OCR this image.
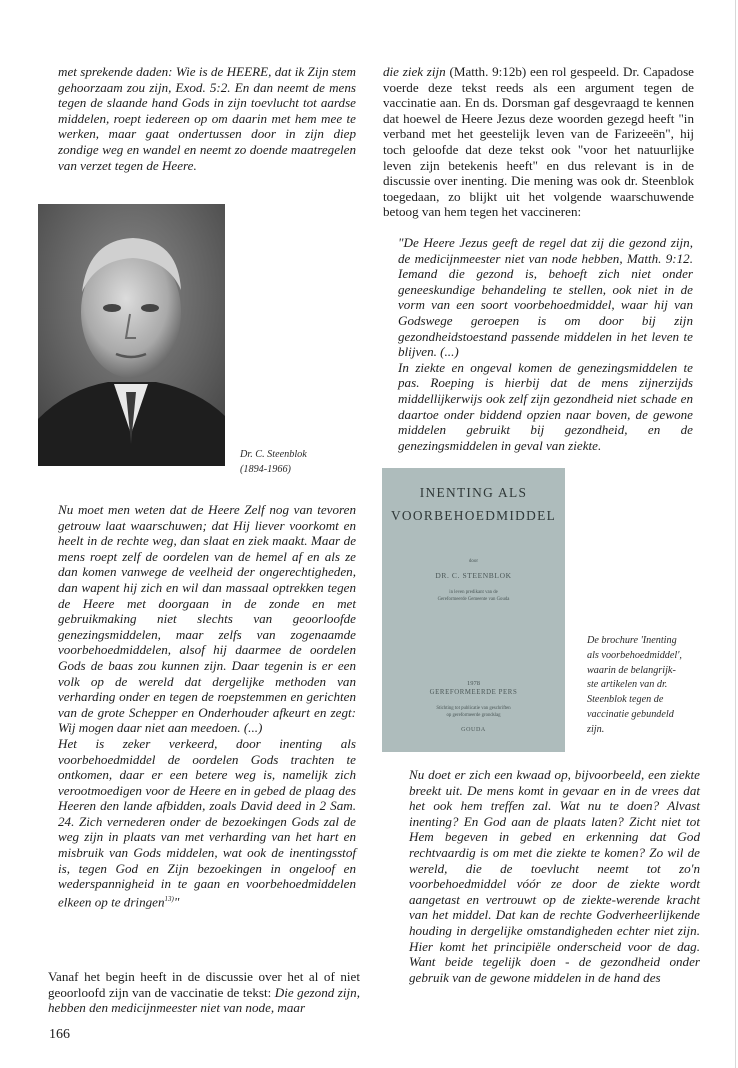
met sprekende daden: Wie is de HEERE, dat ik Zijn stem gehoorzaam zou zijn, Exod. 5:2. En dan neemt de mens tegen de slaande hand Gods in zijn toevlucht tot aardse middelen, roept iedereen op om daarin met hem mee te werken, maar gaat ondertussen door in zijn diep zondige weg en wandel en neemt zo doende maatregelen van verzet tegen de Heere.

Dr. C. Steenblok
(1894-1966)

Nu moet men weten dat de Heere Zelf nog van tevoren getrouw laat waarschuwen; dat Hij liever voorkomt en heelt in de rechte weg, dan slaat en ziek maakt. Maar de mens roept zelf de oordelen van de hemel af en als ze dan komen vanwege de veelheid der ongerechtigheden, dan wapent hij zich en wil dan massaal optrekken tegen de Heere met doorgaan in de zonde en met gebruikmaking niet slechts van geoorloofde genezingsmiddelen, maar zelfs van zogenaamde voorbehoedmiddelen, alsof hij daarmee de oordelen Gods de baas zou kunnen zijn. Daar tegenin is er een volk op de wereld dat dergelijke methoden van verharding onder en tegen de roepstemmen en gerichten van de grote Schepper en Onderhouder afkeurt en zegt: Wij mogen daar niet aan meedoen. (...)

Het is zeker verkeerd, door inenting als voorbehoedmiddel de oordelen Gods trachten te ontkomen, daar er een betere weg is, namelijk zich verootmoedigen voor de Heere en in gebed de plaag des Heeren den lande afbidden, zoals David deed in 2 Sam. 24. Zich vernederen onder de bezoekingen Gods zal de weg zijn in plaats van met verharding van het hart en misbruik van Gods middelen, wat ook de inentingsstof is, tegen God en Zijn bezoekingen in ongeloof en wederspannigheid in te gaan en voorbehoedmiddelen elkeen op te dringen$^{13)}$"

Vanaf het begin heeft in de discussie over het al of niet geoorloofd zijn van de vaccinatie de tekst: Die gezond zijn, hebben den medicijnmeester niet van node, maar

die ziek zijn (Matth. 9:12b) een rol gespeeld. Dr. Capadose voerde deze tekst reeds als een argument tegen de vaccinatie aan. En ds. Dorsman gaf desgevraagd te kennen dat hoewel de Heere Jezus deze woorden gezegd heeft "in verband met het geestelijk leven van de Farizeeën", hij toch geloofde dat deze tekst ook "voor het natuurlijke leven zijn betekenis heeft" en dus relevant is in de discussie over inenting. Die mening was ook dr. Steenblok toegedaan, zo blijkt uit het volgende waarschuwende betoog van hem tegen het vaccineren:

"De Heere Jezus geeft de regel dat zij die gezond zijn, de medicijnmeester niet van node hebben, Matth. 9:12. Iemand die gezond is, behoeft zich niet onder geneeskundige behandeling te stellen, ook niet in de vorm van een soort voorbehoedmiddel, waar hij van Godswege geroepen is om door bij zijn gezondheidstoestand passende middelen in het leven te blijven. (...)

In ziekte en ongeval komen de genezingsmiddelen te pas. Roeping is hierbij dat de mens zijnerzijds middellijkerwijs ook zelf zijn gezondheid niet schade en daartoe onder biddend opzien naar boven, de gewone middelen gebruikt bij gezondheid, en de genezingsmiddelen in geval van ziekte.

INENTING ALS
VOORBEHOEDMIDDEL
door
DR. C. STEENBLOK
in leven predikant van de
Gereformeerde Gemeente van Gouda
1978
GEREFORMEERDE PERS
Stichting tot publicatie van geschriften
op gereformeerde grondslag
GOUDA
De brochure 'Inenting
als voorbehoedmiddel',
waarin de belangrijk-
ste artikelen van dr.
Steenblok tegen de
vaccinatie gebundeld
zijn.

Nu doet er zich een kwaad op, bijvoorbeeld, een ziekte breekt uit. De mens komt in gevaar en in de vrees dat het ook hem treffen zal. Wat nu te doen? Alvast inenting? En God aan de plaats laten? Zicht niet tot Hem begeven in gebed en erkenning dat God rechtvaardig is om met die ziekte te komen? Zo wil de wereld, die de toevlucht neemt tot zo'n voorbehoedmiddel vóór ze door de ziekte wordt aangetast en vertrouwt op de ziekte-werende kracht van het middel. Dat kan de rechte Godverheerlijkende houding in dergelijke omstandigheden echter niet zijn. Hier komt het principiële onderscheid voor de dag. Want beide tegelijk doen - de gezondheid onder gebruik van de gewone middelen in de hand des

166
